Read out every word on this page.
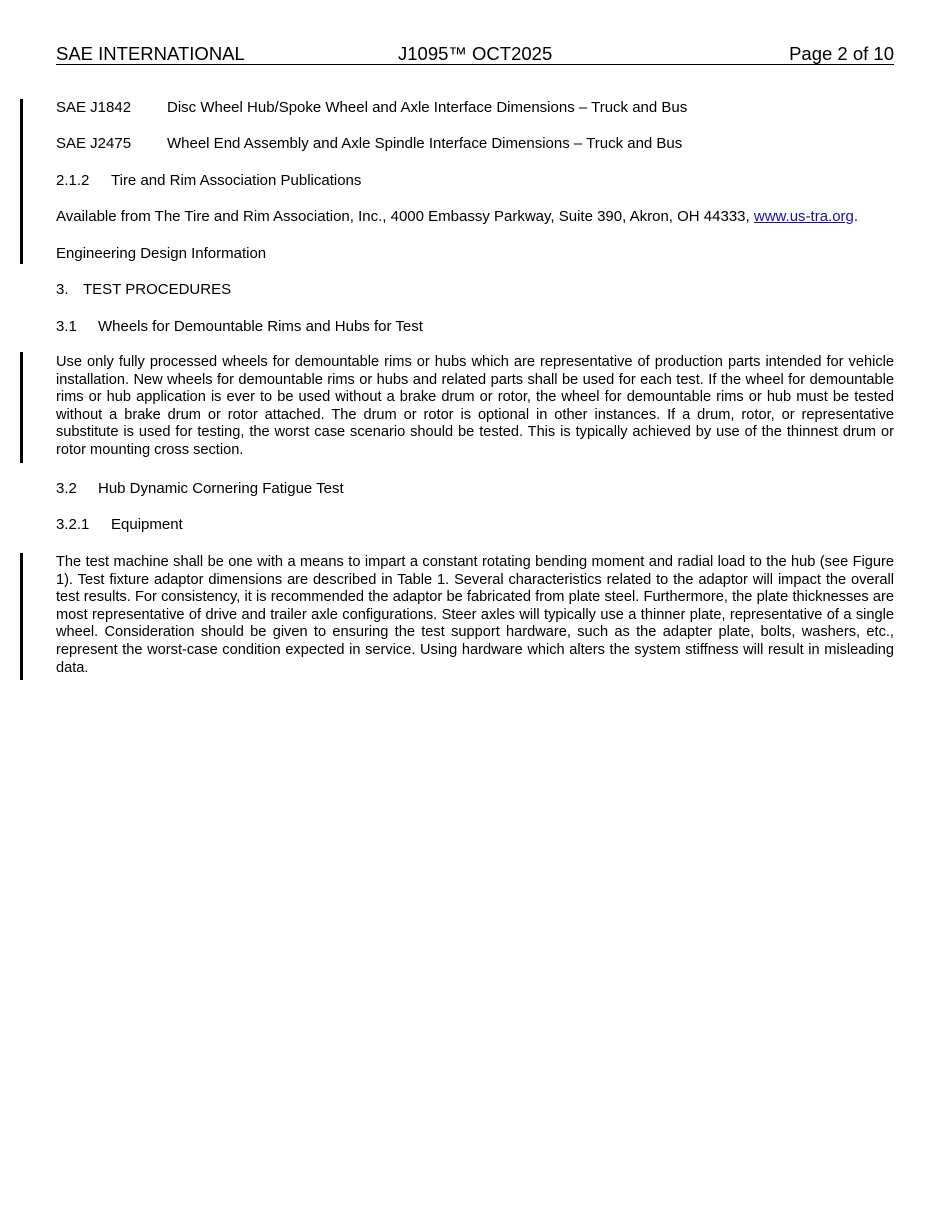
SAE INTERNATIONAL	J1095™ OCT2025	Page 2 of 10
SAE J1842 Disc Wheel Hub/Spoke Wheel and Axle Interface Dimensions – Truck and Bus
SAE J2475 Wheel End Assembly and Axle Spindle Interface Dimensions – Truck and Bus
2.1.2 Tire and Rim Association Publications
Available from The Tire and Rim Association, Inc., 4000 Embassy Parkway, Suite 390, Akron, OH 44333, www.us-tra.org.
Engineering Design Information
3. TEST PROCEDURES
3.1 Wheels for Demountable Rims and Hubs for Test
Use only fully processed wheels for demountable rims or hubs which are representative of production parts intended for vehicle installation. New wheels for demountable rims or hubs and related parts shall be used for each test. If the wheel for demountable rims or hub application is ever to be used without a brake drum or rotor, the wheel for demountable rims or hub must be tested without a brake drum or rotor attached. The drum or rotor is optional in other instances. If a drum, rotor, or representative substitute is used for testing, the worst case scenario should be tested. This is typically achieved by use of the thinnest drum or rotor mounting cross section.
3.2 Hub Dynamic Cornering Fatigue Test
3.2.1 Equipment
The test machine shall be one with a means to impart a constant rotating bending moment and radial load to the hub (see Figure 1). Test fixture adaptor dimensions are described in Table 1. Several characteristics related to the adaptor will impact the overall test results. For consistency, it is recommended the adaptor be fabricated from plate steel. Furthermore, the plate thicknesses are most representative of drive and trailer axle configurations. Steer axles will typically use a thinner plate, representative of a single wheel. Consideration should be given to ensuring the test support hardware, such as the adapter plate, bolts, washers, etc., represent the worst-case condition expected in service. Using hardware which alters the system stiffness will result in misleading data.
